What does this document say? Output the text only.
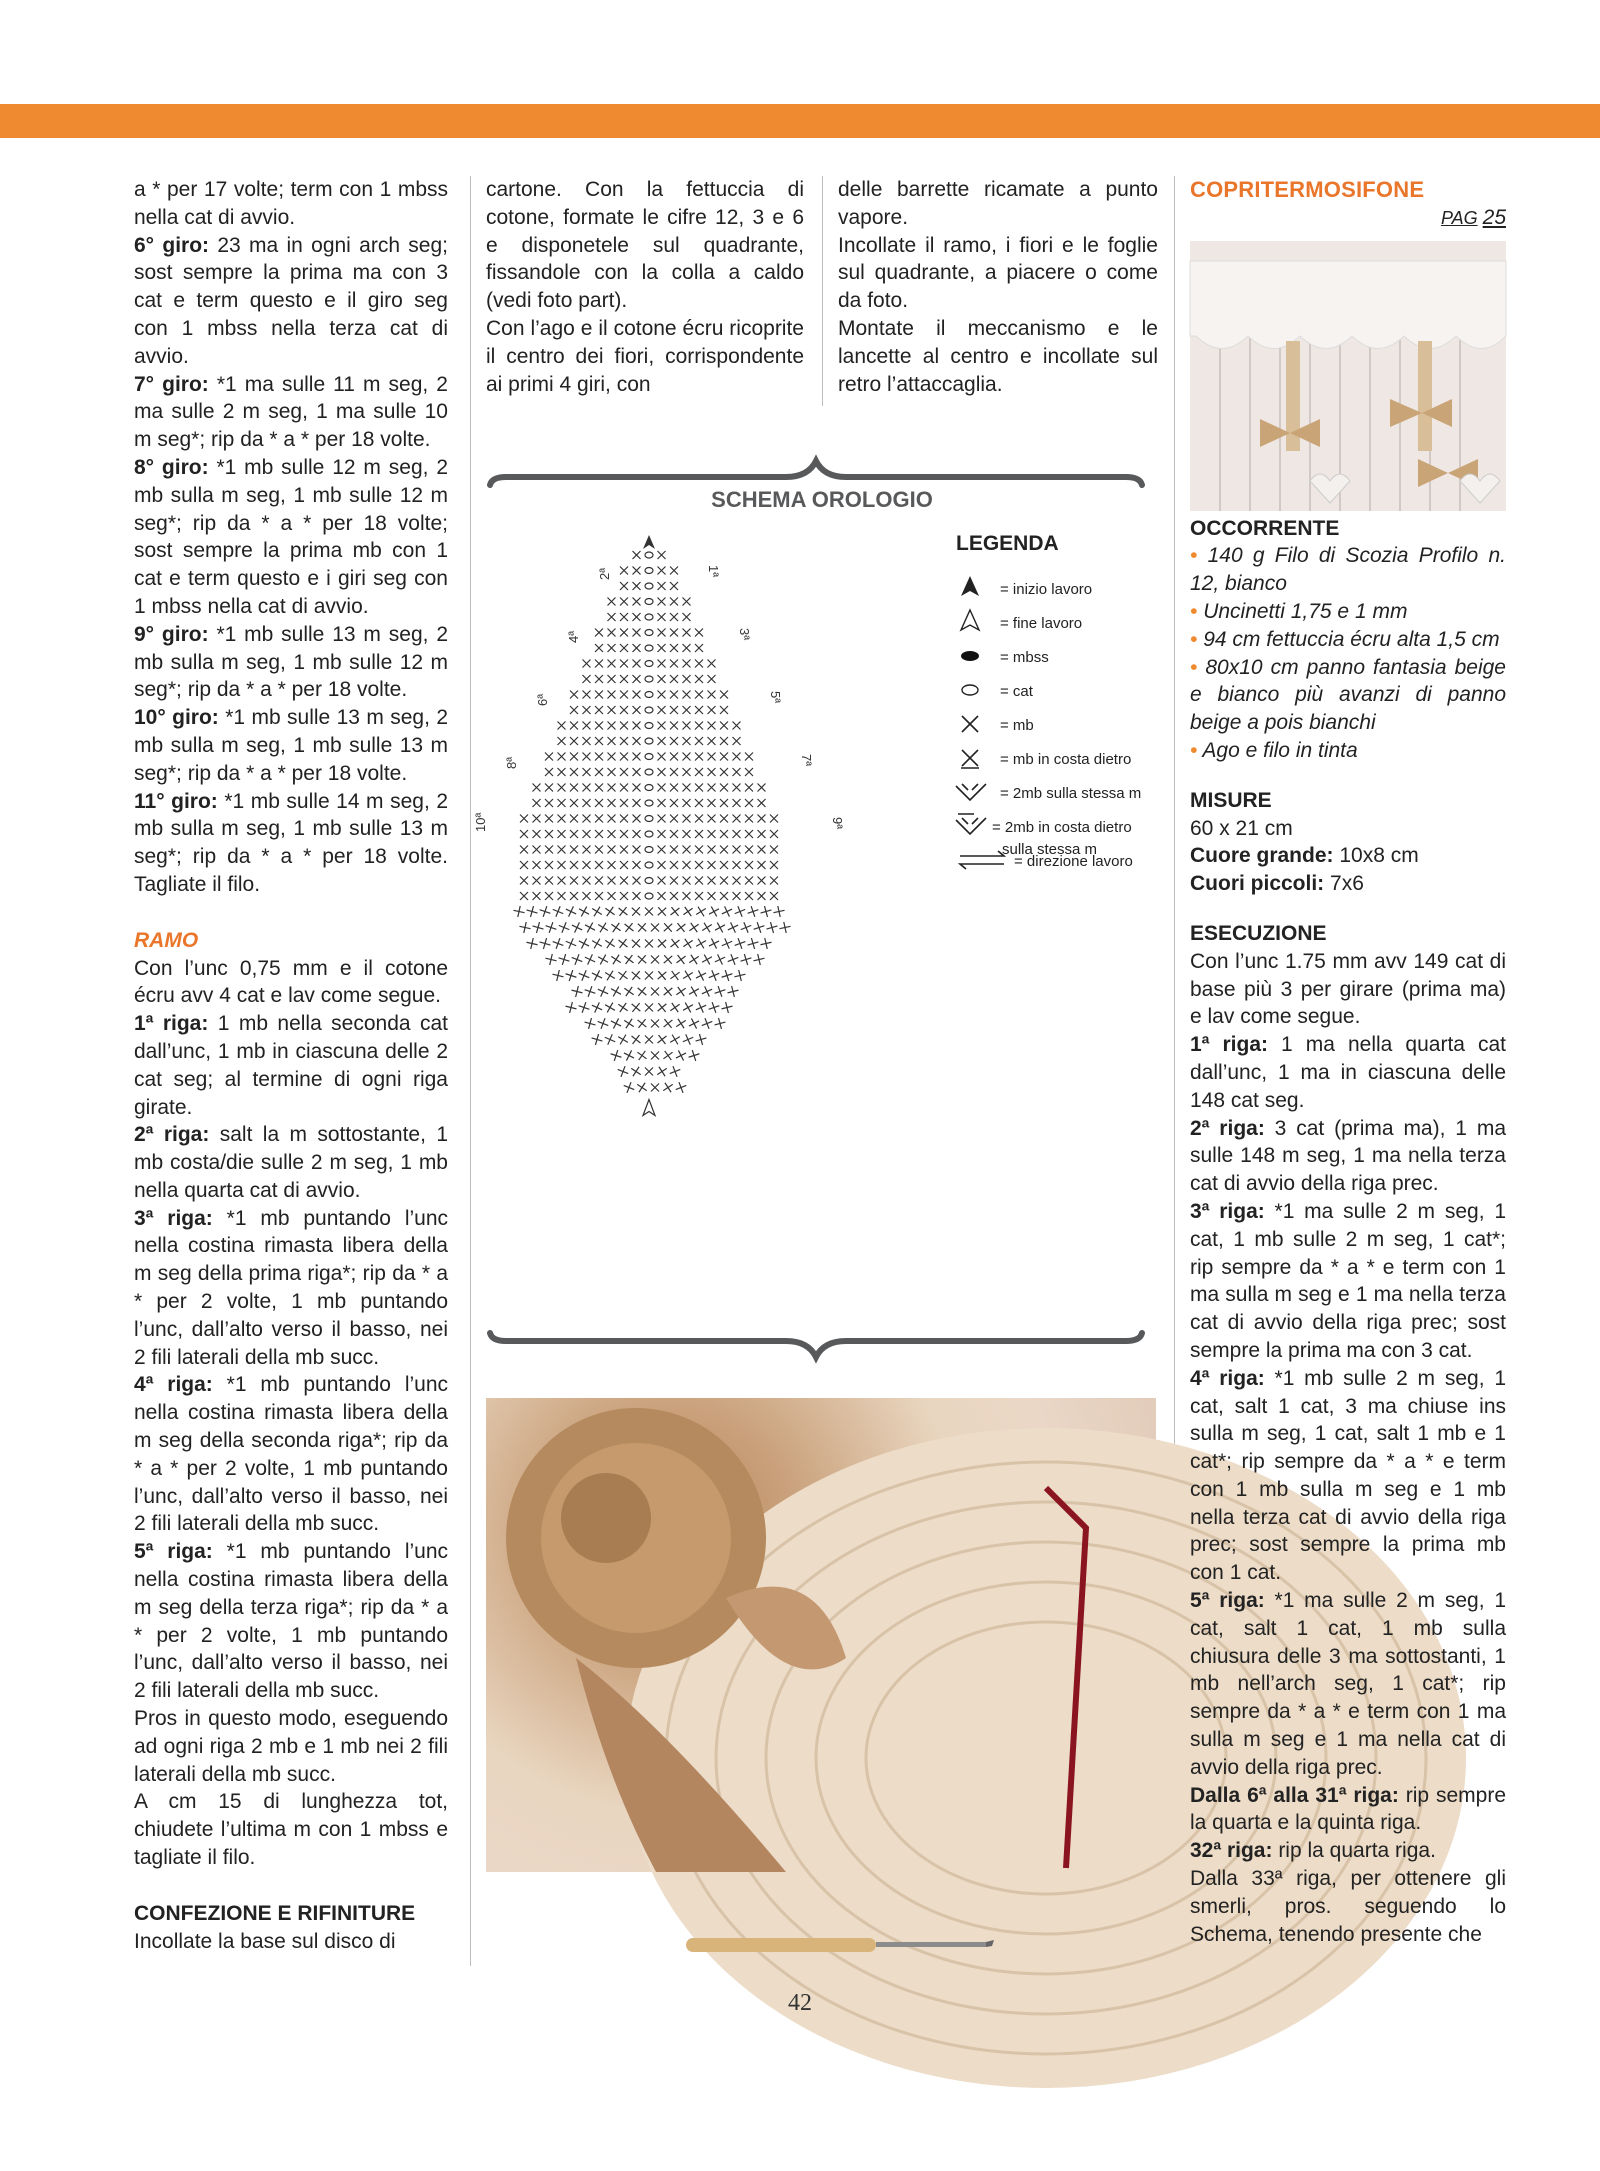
a * per 17 volte; term con 1 mbss nella cat di avvio.

6° giro: 23 ma in ogni arch seg; sost sempre la prima ma con 3 cat e term questo e il giro seg con 1 mbss nella terza cat di avvio.

7° giro: *1 ma sulle 11 m seg, 2 ma sulle 2 m seg, 1 ma sulle 10 m seg*; rip da * a * per 18 volte.

8° giro: *1 mb sulle 12 m seg, 2 mb sulla m seg, 1 mb sulle 12 m seg*; rip da * a * per 18 volte; sost sempre la prima mb con 1 cat e term questo e i giri seg con 1 mbss nella cat di avvio.

9° giro: *1 mb sulle 13 m seg, 2 mb sulla m seg, 1 mb sulle 12 m seg*; rip da * a * per 18 volte.

10° giro: *1 mb sulle 13 m seg, 2 mb sulla m seg, 1 mb sulle 13 m seg*; rip da * a * per 18 volte.

11° giro: *1 mb sulle 14 m seg, 2 mb sulla m seg, 1 mb sulle 13 m seg*; rip da * a * per 18 volte. Tagliate il filo.

RAMO

Con l’unc 0,75 mm e il cotone écru avv 4 cat e lav come segue.

1ª riga: 1 mb nella seconda cat dall’unc, 1 mb in ciascuna delle 2 cat seg; al termine di ogni riga girate.

2ª riga: salt la m sottostante, 1 mb costa/die sulle 2 m seg, 1 mb nella quarta cat di avvio.

3ª riga: *1 mb puntando l’unc nella costina rimasta libera della m seg della prima riga*; rip da * a * per 2 volte, 1 mb puntando l’unc, dall’alto verso il basso, nei 2 fili laterali della mb succ.

4ª riga: *1 mb puntando l’unc nella costina rimasta libera della m seg della seconda riga*; rip da * a * per 2 volte, 1 mb puntando l’unc, dall’alto verso il basso, nei 2 fili laterali della mb succ.

5ª riga: *1 mb puntando l’unc nella costina rimasta libera della m seg della terza riga*; rip da * a * per 2 volte, 1 mb puntando l’unc, dall’alto verso il basso, nei 2 fili laterali della mb succ.

Pros in questo modo, eseguendo ad ogni riga 2 mb e 1 mb nei 2 fili laterali della mb succ.

A cm 15 di lunghezza tot, chiudete l’ultima m con 1 mbss e tagliate il filo.

CONFEZIONE E RIFINITURE

Incollate la base sul disco di

cartone. Con la fettuccia di cotone, formate le cifre 12, 3 e 6 e disponetele sul quadrante, fissandole con la colla a caldo (vedi foto part).

Con l’ago e il cotone écru ricoprite il centro dei fiori, corrispondente ai primi 4 giri, con

delle barrette ricamate a punto vapore.

Incollate il ramo, i fiori e le foglie sul quadrante, a piacere o come da foto.

Montate il meccanismo e le lancette al centro e incollate sul retro l’attaccaglia.

SCHEMA OROLOGIO
2ª
4ª
6ª
8ª
10ª
1ª
3ª
5ª
7ª
9ª
LEGENDA
= inizio lavoro
= fine lavoro
= mbss
= cat
= mb
= mb in costa dietro
= 2mb sulla stessa m
= 2mb in costa dietro sulla stessa m
= direzione lavoro

COPRITERMOSIFONE

PAG 25

OCCORRENTE

• 140 g Filo di Scozia Profilo n. 12, bianco

• Uncinetti 1,75 e 1 mm

• 94 cm fettuccia écru alta 1,5 cm

• 80x10 cm panno fantasia beige e bianco più avanzi di panno beige a pois bianchi

• Ago e filo in tinta

MISURE

60 x 21 cm

Cuore grande: 10x8 cm

Cuori piccoli: 7x6

ESECUZIONE

Con l’unc 1.75 mm avv 149 cat di base più 3 per girare (prima ma) e lav come segue.

1ª riga: 1 ma nella quarta cat dall’unc, 1 ma in ciascuna delle 148 cat seg.

2ª riga: 3 cat (prima ma), 1 ma sulle 148 m seg, 1 ma nella terza cat di avvio della riga prec.

3ª riga: *1 ma sulle 2 m seg, 1 cat, 1 mb sulle 2 m seg, 1 cat*; rip sempre da * a * e term con 1 ma sulla m seg e 1 ma nella terza cat di avvio della riga prec; sost sempre la prima ma con 3 cat.

4ª riga: *1 mb sulle 2 m seg, 1 cat, salt 1 cat, 3 ma chiuse ins sulla m seg, 1 cat, salt 1 mb e 1 cat*; rip sempre da * a * e term con 1 mb sulla m seg e 1 mb nella terza cat di avvio della riga prec; sost sempre la prima mb con 1 cat.

5ª riga: *1 ma sulle 2 m seg, 1 cat, salt 1 cat, 1 mb sulla chiusura delle 3 ma sottostanti, 1 mb nell’arch seg, 1 cat*; rip sempre da * a * e term con 1 ma sulla m seg e 1 ma nella cat di avvio della riga prec.

Dalla 6ª alla 31ª riga: rip sempre la quarta e la quinta riga.

32ª riga: rip la quarta riga.

Dalla 33ª riga, per ottenere gli smerli, pros. seguendo lo Schema, tenendo presente che

42
